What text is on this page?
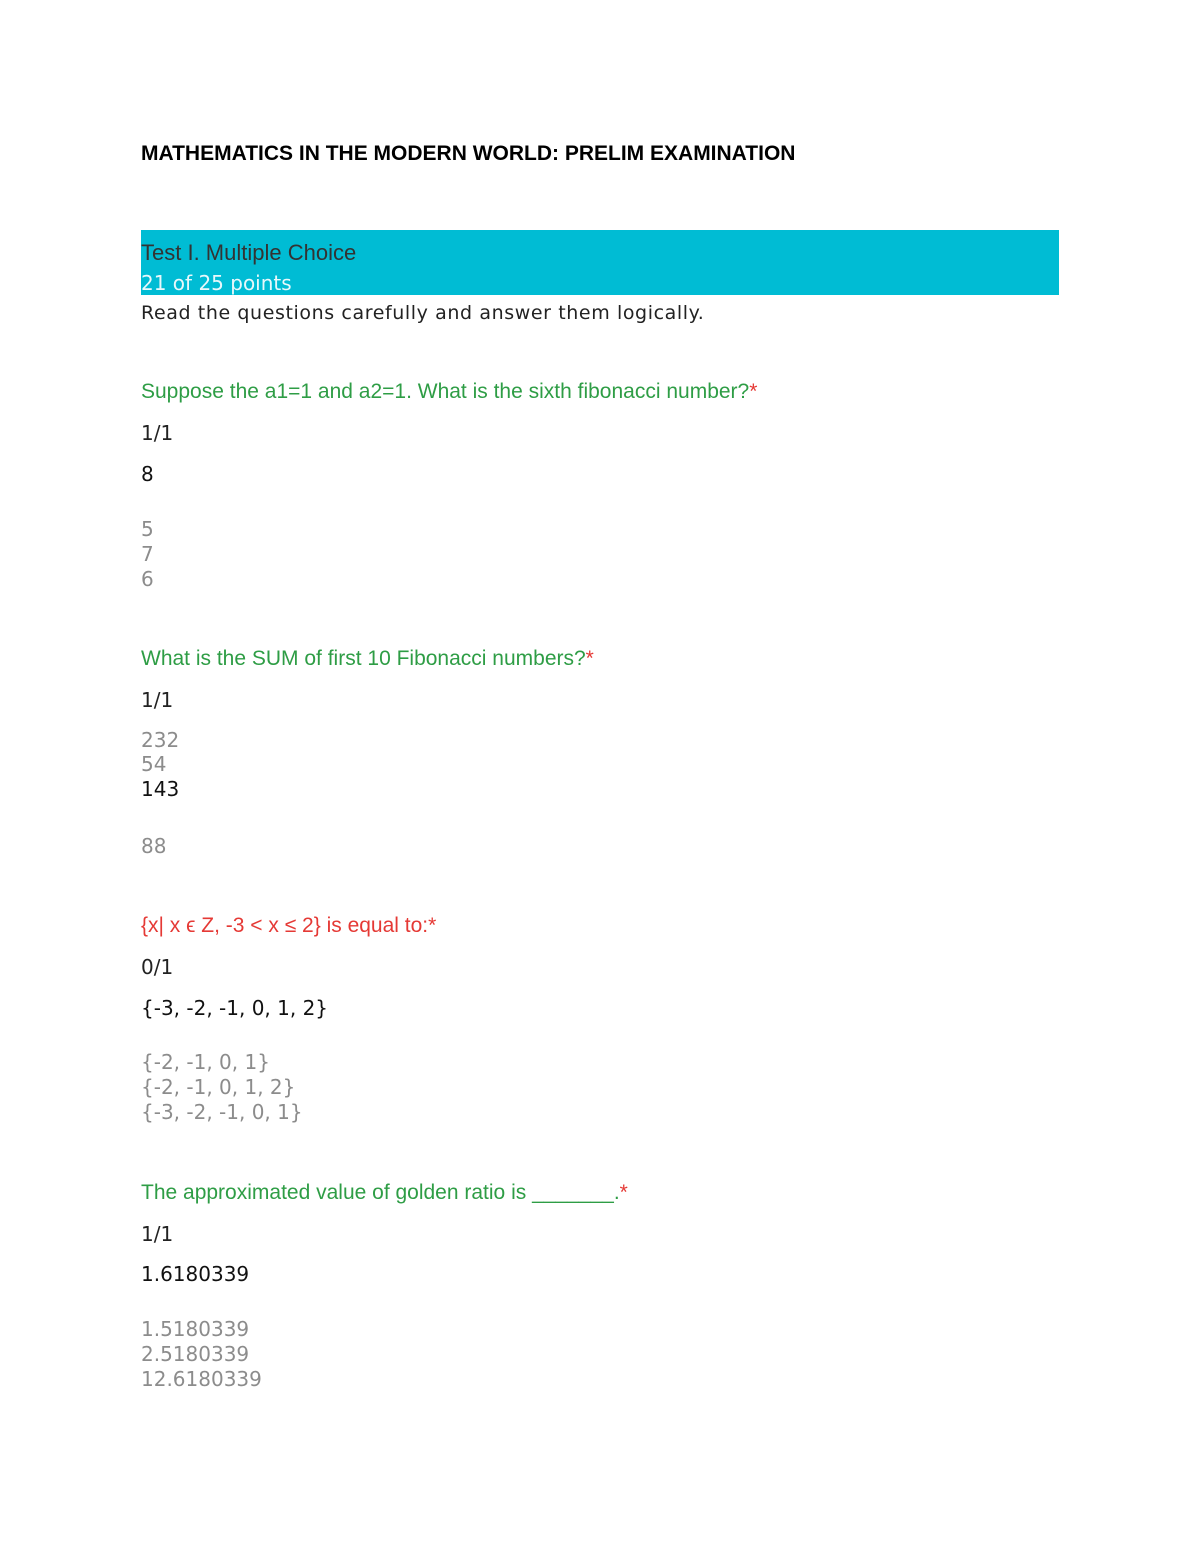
MATHEMATICS IN THE MODERN WORLD: PRELIM EXAMINATION
Test I. Multiple Choice
21 of 25 points
Read the questions carefully and answer them logically.
Suppose the a1=1 and a2=1. What is the sixth fibonacci number?*
1/1
8
5
7
6
What is the SUM of first 10 Fibonacci numbers?*
1/1
232
54
143
88
{x| x ϵ Z, -3 < x ≤ 2} is equal to:*
0/1
{-3, -2, -1, 0, 1, 2}
{-2, -1, 0, 1}
{-2, -1, 0, 1, 2}
{-3, -2, -1, 0, 1}
The approximated value of golden ratio is _______.*
1/1
1.6180339
1.5180339
2.5180339
12.6180339
